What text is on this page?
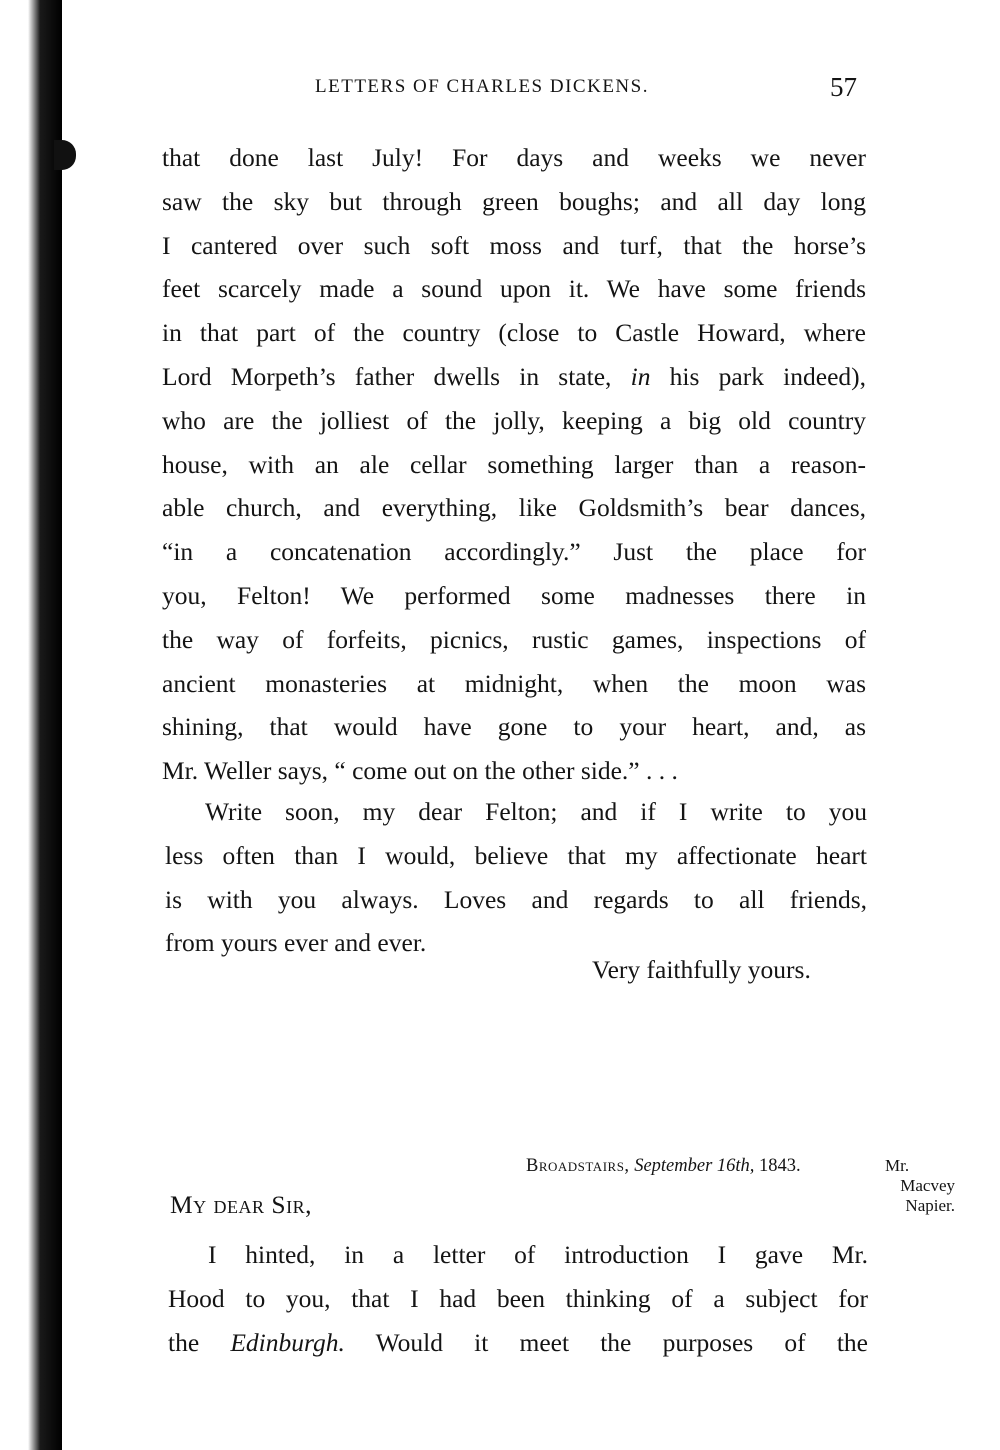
LETTERS OF CHARLES DICKENS.	57
that done last July! For days and weeks we never
saw the sky but through green boughs; and all day long
I cantered over such soft moss and turf, that the horse’s
feet scarcely made a sound upon it. We have some friends
in that part of the country (close to Castle Howard, where
Lord Morpeth’s father dwells in state, in his park indeed),
who are the jolliest of the jolly, keeping a big old country
house, with an ale cellar something larger than a reason-
able church, and everything, like Goldsmith’s bear dances,
“in a concatenation accordingly.” Just the place for
you, Felton! We performed some madnesses there in
the way of forfeits, picnics, rustic games, inspections of
ancient monasteries at midnight, when the moon was
shining, that would have gone to your heart, and, as
Mr. Weller says, “ come out on the other side.” . . .
Write soon, my dear Felton; and if I write to you
less often than I would, believe that my affectionate heart
is with you always. Loves and regards to all friends,
from yours ever and ever.
Very faithfully yours.
Broadstairs, September 16th, 1843.	Mr.
Macvey
Napier.
My dear Sir,
I hinted, in a letter of introduction I gave Mr.
Hood to you, that I had been thinking of a subject for
the Edinburgh. Would it meet the purposes of the
